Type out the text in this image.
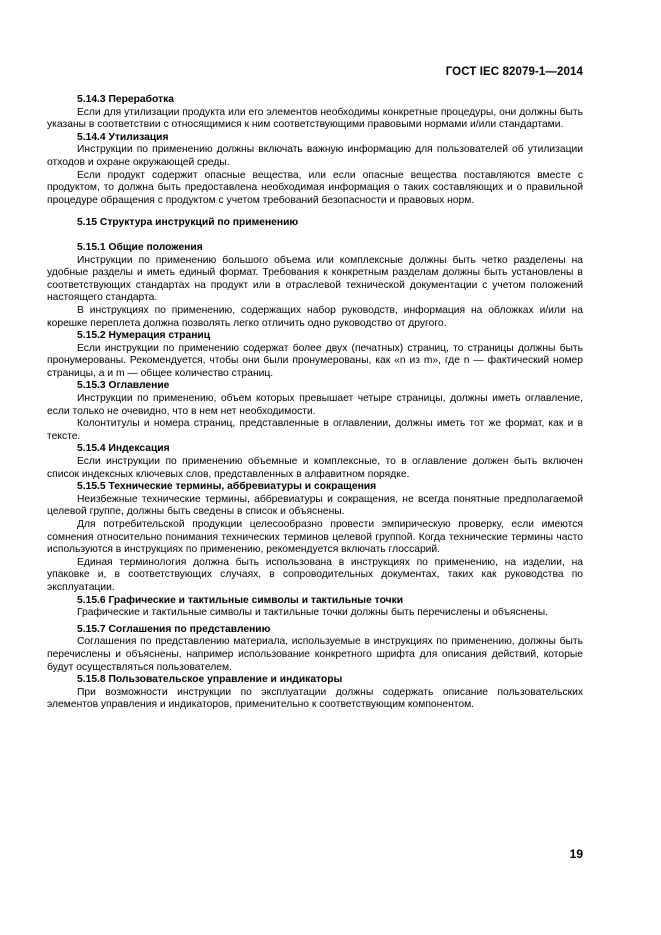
ГОСТ IEC 82079-1—2014
5.14.3 Переработка

Если для утилизации продукта или его элементов необходимы конкретные процедуры, они должны быть указаны в соответствии с относящимися к ним соответствующими правовыми нормами и/или стандартами.

5.14.4 Утилизация

Инструкции по применению должны включать важную информацию для пользователей об утилизации отходов и охране окружающей среды.

Если продукт содержит опасные вещества, или если опасные вещества поставляются вместе с продуктом, то должна быть предоставлена необходимая информация о таких составляющих и о правильной процедуре обращения с продуктом с учетом требований безопасности и правовых норм.

5.15 Структура инструкций по применению
5.15.1 Общие положения

Инструкции по применению большого объема или комплексные должны быть четко разделены на удобные разделы и иметь единый формат. Требования к конкретным разделам должны быть установлены в соответствующих стандартах на продукт или в отраслевой технической документации с учетом положений настоящего стандарта.

В инструкциях по применению, содержащих набор руководств, информация на обложках и/или на корешке переплета должна позволять легко отличить одно руководство от другого.

5.15.2 Нумерация страниц

Если инструкции по применению содержат более двух (печатных) страниц, то страницы должны быть пронумерованы. Рекомендуется, чтобы они были пронумерованы, как «n из m», где n — фактический номер страницы, а и m — общее количество страниц.

5.15.3 Оглавление

Инструкции по применению, объем которых превышает четыре страницы, должны иметь оглавление, если только не очевидно, что в нем нет необходимости.

Колонтитулы и номера страниц, представленные в оглавлении, должны иметь тот же формат, как и в тексте.

5.15.4 Индексация

Если инструкции по применению объемные и комплексные, то в оглавление должен быть включен список индексных ключевых слов, представленных в алфавитном порядке.

5.15.5 Технические термины, аббревиатуры и сокращения

Неизбежные технические термины, аббревиатуры и сокращения, не всегда понятные предполагаемой целевой группе, должны быть сведены в список и объяснены.

Для потребительской продукции целесообразно провести эмпирическую проверку, если имеются сомнения относительно понимания технических терминов целевой группой. Когда технические термины часто используются в инструкциях по применению, рекомендуется включать глоссарий.

Единая терминология должна быть использована в инструкциях по применению, на изделии, на упаковке и, в соответствующих случаях, в сопроводительных документах, таких как руководства по эксплуатации.

5.15.6 Графические и тактильные символы и тактильные точки

Графические и тактильные символы и тактильные точки должны быть перечислены и объяснены.

5.15.7 Соглашения по представлению

Соглашения по представлению материала, используемые в инструкциях по применению, должны быть перечислены и объяснены, например использование конкретного шрифта для описания действий, которые будут осуществляться пользователем.

5.15.8 Пользовательское управление и индикаторы

При возможности инструкции по эксплуатации должны содержать описание пользовательских элементов управления и индикаторов, применительно к соответствующим компонентом.

19
